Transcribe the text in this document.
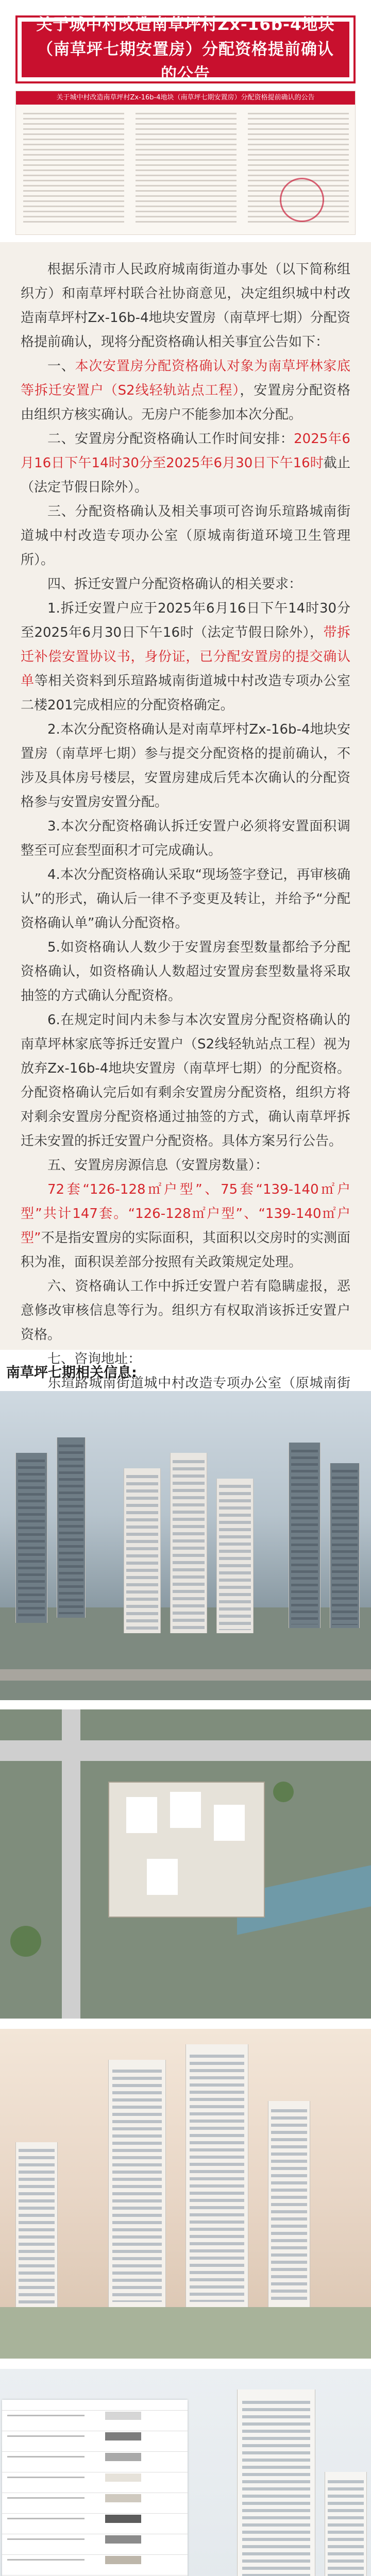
关于城中村改造南草坪村Zx-16b-4地块（南草坪七期安置房）分配资格提前确认的公告
关于城中村改造南草坪村Zx-16b-4地块（南草坪七期安置房）分配资格提前确认的公告

根据乐清市人民政府城南街道办事处（以下简称组织方）和南草坪村联合社协商意见，决定组织城中村改造南草坪村Zx-16b-4地块安置房（南草坪七期）分配资格提前确认，现将分配资格确认相关事宜公告如下：

一、本次安置房分配资格确认对象为南草坪林家底等拆迁安置户（S2线轻轨站点工程），安置房分配资格由组织方核实确认。无房户不能参加本次分配。

二、安置房分配资格确认工作时间安排：2025年6月16日下午14时30分至2025年6月30日下午16时截止（法定节假日除外）。

三、分配资格确认及相关事项可咨询乐瑄路城南街道城中村改造专项办公室（原城南街道环境卫生管理所）。

四、拆迁安置户分配资格确认的相关要求：

1.拆迁安置户应于2025年6月16日下午14时30分至2025年6月30日下午16时（法定节假日除外），带拆迁补偿安置协议书，身份证，已分配安置房的提交确认单等相关资料到乐瑄路城南街道城中村改造专项办公室二楼201完成相应的分配资格确定。

2.本次分配资格确认是对南草坪村Zx-16b-4地块安置房（南草坪七期）参与提交分配资格的提前确认，不涉及具体房号楼层，安置房建成后凭本次确认的分配资格参与安置房安置分配。

3.本次分配资格确认拆迁安置户必须将安置面积调整至可应套型面积才可完成确认。

4.本次分配资格确认采取“现场签字登记，再审核确认”的形式，确认后一律不予变更及转让，并给予“分配资格确认单”确认分配资格。

5.如资格确认人数少于安置房套型数量都给予分配资格确认，如资格确认人数超过安置房套型数量将采取抽签的方式确认分配资格。

6.在规定时间内未参与本次安置房分配资格确认的南草坪林家底等拆迁安置户（S2线轻轨站点工程）视为放弃Zx-16b-4地块安置房（南草坪七期）的分配资格。分配资格确认完后如有剩余安置房分配资格，组织方将对剩余安置房分配资格通过抽签的方式，确认南草坪拆迁未安置的拆迁安置户分配资格。具体方案另行公告。

五、安置房房源信息（安置房数量）：

72套“126-128㎡户型”、75套“139-140㎡户型”共计147套。“126-128㎡户型”、“139-140㎡户型”不是指安置房的实际面积，其面积以交房时的实测面积为准，面积误差部分按照有关政策规定处理。

六、资格确认工作中拆迁安置户若有隐瞒虚报，恶意修改审核信息等行为。组织方有权取消该拆迁安置户资格。

七、咨询地址：

乐瑄路城南街道城中村改造专项办公室（原城南街

南草坪七期相关信息:
